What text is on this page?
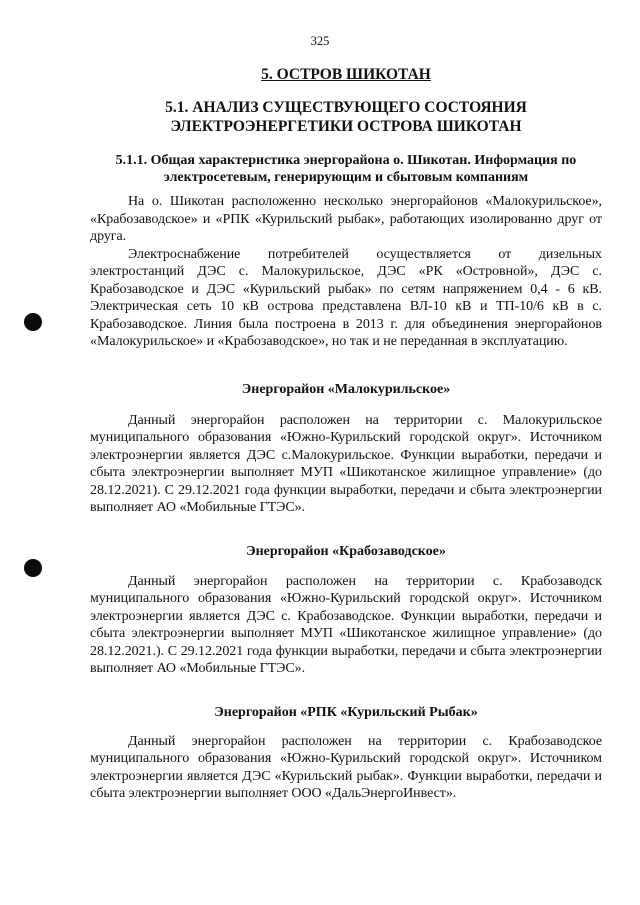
325
5. ОСТРОВ ШИКОТАН
5.1. АНАЛИЗ СУЩЕСТВУЮЩЕГО СОСТОЯНИЯ ЭЛЕКТРОЭНЕРГЕТИКИ ОСТРОВА ШИКОТАН
5.1.1. Общая характеристика энергорайона о. Шикотан. Информация по электросетевым, генерирующим и сбытовым компаниям

На о. Шикотан расположенно несколько энергорайонов «Малокурильское», «Крабозаводское» и «РПК «Курильский рыбак», работающих изолированно друг от друга.

Электроснабжение потребителей осуществляется от дизельных электростанций ДЭС с. Малокурильское, ДЭС «РК «Островной», ДЭС с. Крабозаводское и ДЭС «Курильский рыбак» по сетям напряжением 0,4 - 6 кВ. Электрическая сеть 10 кВ острова представлена ВЛ-10 кВ и ТП-10/6 кВ в с. Крабозаводское. Линия была построена в 2013 г. для объединения энергорайонов «Малокурильское» и «Крабозаводское», но так и не переданная в эксплуатацию.

Энергорайон «Малокурильское»

Данный энергорайон расположен на территории с. Малокурильское муниципального образования «Южно-Курильский городской округ». Источником электроэнергии является ДЭС с.Малокурильское. Функции выработки, передачи и сбыта электроэнергии выполняет МУП «Шикотанское жилищное управление» (до 28.12.2021). С 29.12.2021 года функции выработки, передачи и сбыта электроэнергии выполняет АО «Мобильные ГТЭС».

Энергорайон «Крабозаводское»

Данный энергорайон расположен на территории с. Крабозаводск муниципального образования «Южно-Курильский городской округ». Источником электроэнергии является ДЭС с. Крабозаводское. Функции выработки, передачи и сбыта электроэнергии выполняет МУП «Шикотанское жилищное управление» (до 28.12.2021.). С 29.12.2021 года функции выработки, передачи и сбыта электроэнергии выполняет АО «Мобильные ГТЭС».

Энергорайон «РПК «Курильский Рыбак»

Данный энергорайон расположен на территории с. Крабозаводское муниципального образования «Южно-Курильский городской округ». Источником электроэнергии является ДЭС «Курильский рыбак». Функции выработки, передачи и сбыта электроэнергии выполняет ООО «ДальЭнергоИнвест».
